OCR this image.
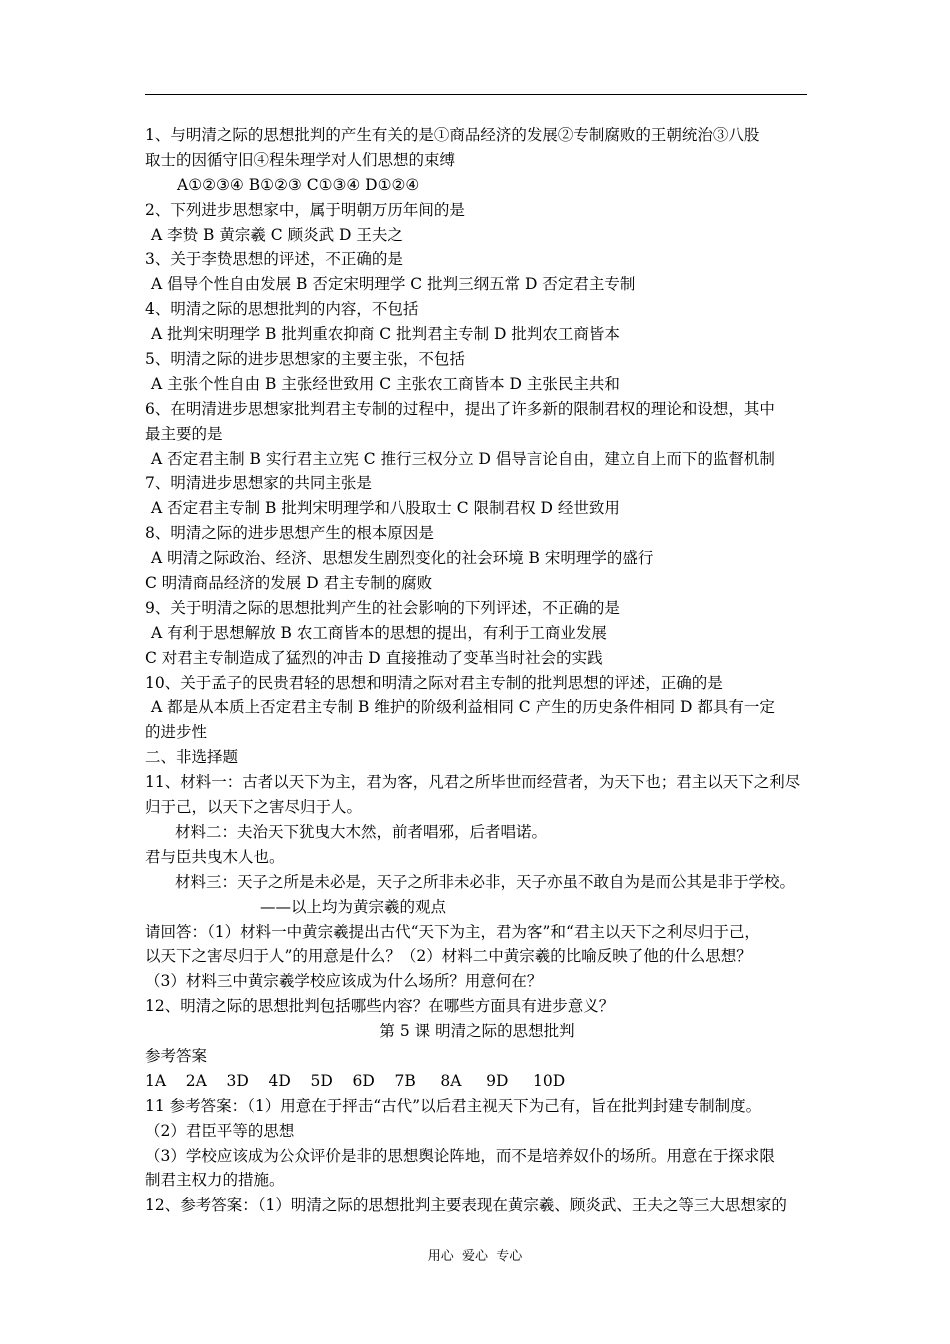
1、与明清之际的思想批判的产生有关的是①商品经济的发展②专制腐败的王朝统治③八股
取士的因循守旧④程朱理学对人们思想的束缚
A①②③④ B①②③ C①③④ D①②④
2、下列进步思想家中，属于明朝万历年间的是
A 李贽 B 黄宗羲 C 顾炎武 D 王夫之
3、关于李贽思想的评述，不正确的是
A 倡导个性自由发展 B 否定宋明理学 C 批判三纲五常 D 否定君主专制
4、明清之际的思想批判的内容，不包括
A 批判宋明理学 B 批判重农抑商 C 批判君主专制 D 批判农工商皆本
5、明清之际的进步思想家的主要主张，不包括
A 主张个性自由 B 主张经世致用 C 主张农工商皆本 D 主张民主共和
6、在明清进步思想家批判君主专制的过程中，提出了许多新的限制君权的理论和设想，其中
最主要的是
A 否定君主制 B 实行君主立宪 C 推行三权分立 D 倡导言论自由，建立自上而下的监督机制
7、明清进步思想家的共同主张是
A 否定君主专制 B 批判宋明理学和八股取士 C 限制君权 D 经世致用
8、明清之际的进步思想产生的根本原因是
A 明清之际政治、经济、思想发生剧烈变化的社会环境 B 宋明理学的盛行
C 明清商品经济的发展 D 君主专制的腐败
9、关于明清之际的思想批判产生的社会影响的下列评述，不正确的是
A 有利于思想解放 B 农工商皆本的思想的提出，有利于工商业发展
C 对君主专制造成了猛烈的冲击 D 直接推动了变革当时社会的实践
10、关于孟子的民贵君轻的思想和明清之际对君主专制的批判思想的评述，正确的是
A 都是从本质上否定君主专制 B 维护的阶级利益相同 C 产生的历史条件相同 D 都具有一定
的进步性
二、非选择题
11、材料一：古者以天下为主，君为客，凡君之所毕世而经营者，为天下也；君主以天下之利尽
归于己，以天下之害尽归于人。
材料二：夫治天下犹曳大木然，前者唱邪，后者唱诺。
君与臣共曳木人也。
材料三：天子之所是未必是，天子之所非未必非，天子亦虽不敢自为是而公其是非于学校。
——以上均为黄宗羲的观点
请回答：（1）材料一中黄宗羲提出古代“天下为主，君为客”和“君主以天下之利尽归于己，
以天下之害尽归于人”的用意是什么？（2）材料二中黄宗羲的比喻反映了他的什么思想？
（3）材料三中黄宗羲学校应该成为什么场所？用意何在？
12、明清之际的思想批判包括哪些内容？在哪些方面具有进步意义？
第 5 课 明清之际的思想批判
参考答案
1A    2A    3D    4D    5D    6D    7B     8A     9D     10D
11 参考答案：（1）用意在于抨击“古代”以后君主视天下为己有，旨在批判封建专制制度。
（2）君臣平等的思想
（3）学校应该成为公众评价是非的思想舆论阵地，而不是培养奴仆的场所。用意在于探求限
制君主权力的措施。
12、参考答案：（1）明清之际的思想批判主要表现在黄宗羲、顾炎武、王夫之等三大思想家的
用心  爱心  专心
